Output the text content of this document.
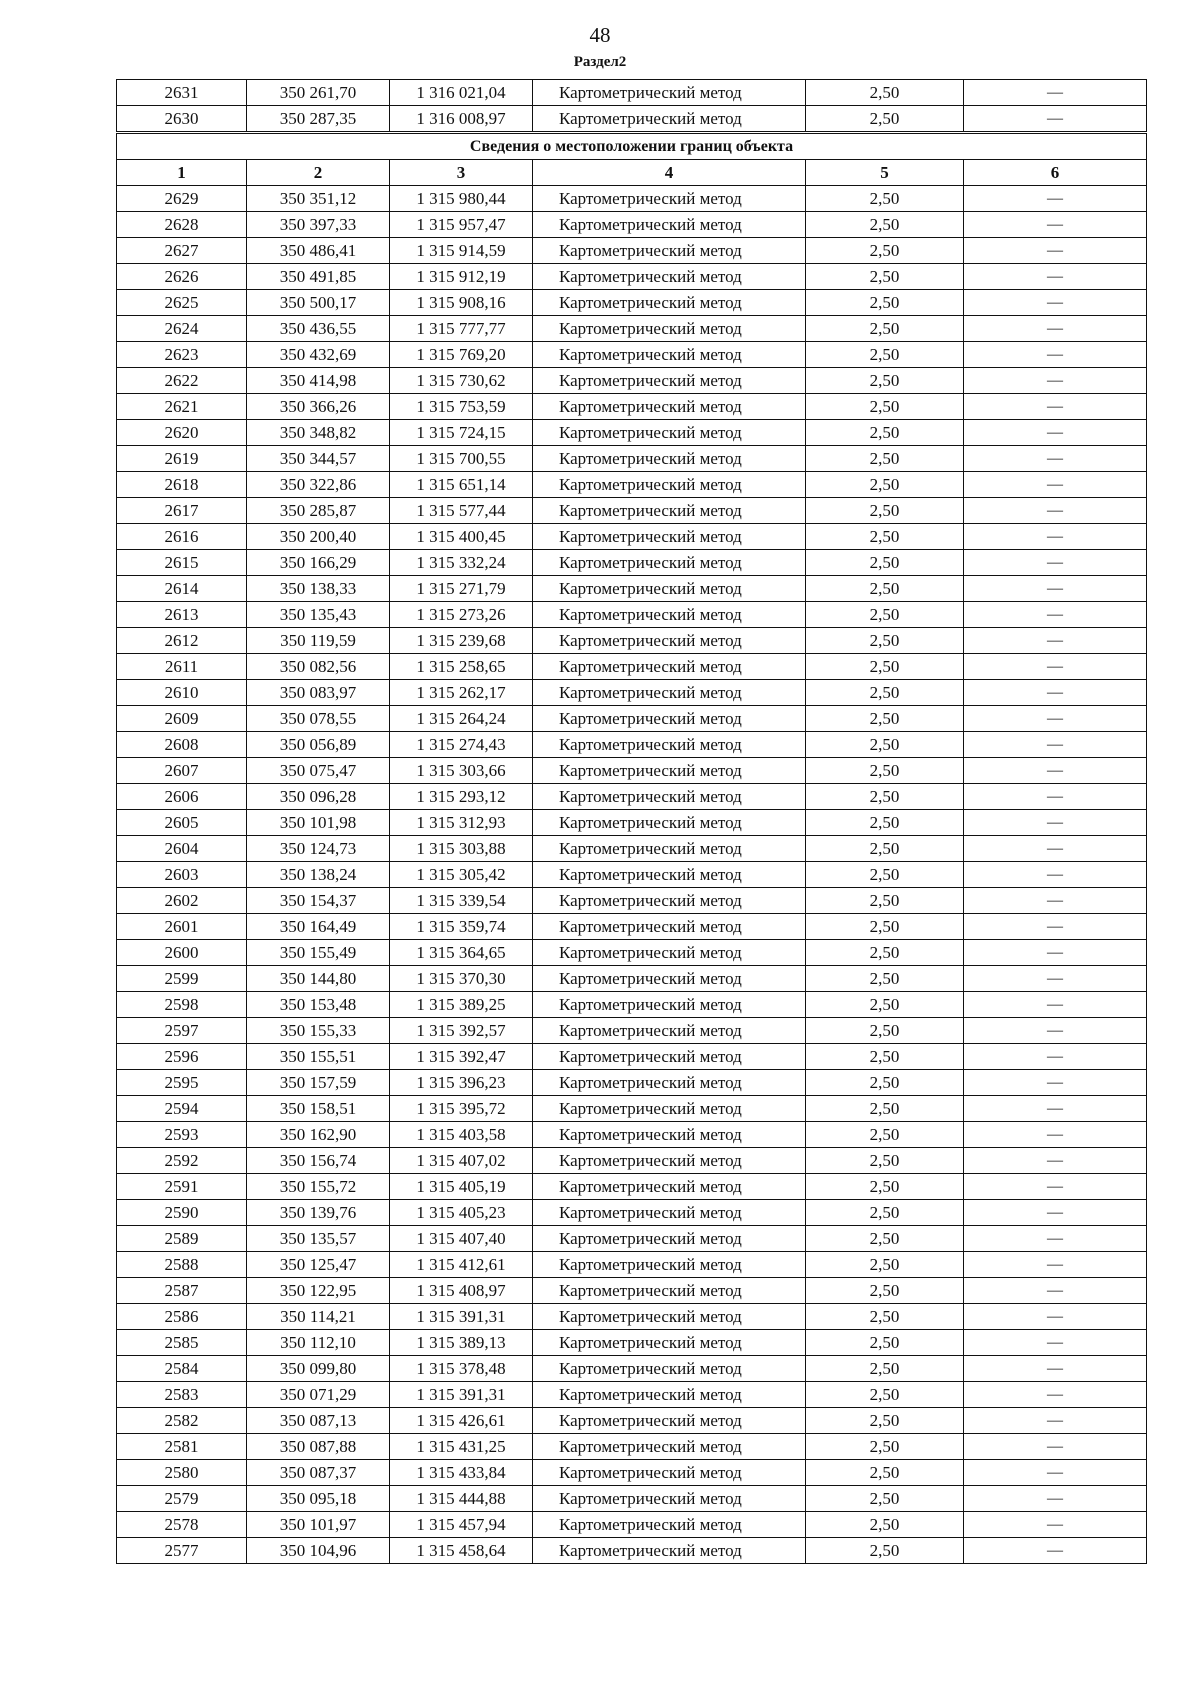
48
Раздел2
2631	350 261,70	1 316 021,04	Картометрический метод	2,50	—
2630	350 287,35	1 316 008,97	Картометрический метод	2,50	—
Сведения о местоположении границ объекта					
1	2	3	4	5	6
2629	350 351,12	1 315 980,44	Картометрический метод	2,50	—
2628	350 397,33	1 315 957,47	Картометрический метод	2,50	—
2627	350 486,41	1 315 914,59	Картометрический метод	2,50	—
2626	350 491,85	1 315 912,19	Картометрический метод	2,50	—
2625	350 500,17	1 315 908,16	Картометрический метод	2,50	—
2624	350 436,55	1 315 777,77	Картометрический метод	2,50	—
2623	350 432,69	1 315 769,20	Картометрический метод	2,50	—
2622	350 414,98	1 315 730,62	Картометрический метод	2,50	—
2621	350 366,26	1 315 753,59	Картометрический метод	2,50	—
2620	350 348,82	1 315 724,15	Картометрический метод	2,50	—
2619	350 344,57	1 315 700,55	Картометрический метод	2,50	—
2618	350 322,86	1 315 651,14	Картометрический метод	2,50	—
2617	350 285,87	1 315 577,44	Картометрический метод	2,50	—
2616	350 200,40	1 315 400,45	Картометрический метод	2,50	—
2615	350 166,29	1 315 332,24	Картометрический метод	2,50	—
2614	350 138,33	1 315 271,79	Картометрический метод	2,50	—
2613	350 135,43	1 315 273,26	Картометрический метод	2,50	—
2612	350 119,59	1 315 239,68	Картометрический метод	2,50	—
2611	350 082,56	1 315 258,65	Картометрический метод	2,50	—
2610	350 083,97	1 315 262,17	Картометрический метод	2,50	—
2609	350 078,55	1 315 264,24	Картометрический метод	2,50	—
2608	350 056,89	1 315 274,43	Картометрический метод	2,50	—
2607	350 075,47	1 315 303,66	Картометрический метод	2,50	—
2606	350 096,28	1 315 293,12	Картометрический метод	2,50	—
2605	350 101,98	1 315 312,93	Картометрический метод	2,50	—
2604	350 124,73	1 315 303,88	Картометрический метод	2,50	—
2603	350 138,24	1 315 305,42	Картометрический метод	2,50	—
2602	350 154,37	1 315 339,54	Картометрический метод	2,50	—
2601	350 164,49	1 315 359,74	Картометрический метод	2,50	—
2600	350 155,49	1 315 364,65	Картометрический метод	2,50	—
2599	350 144,80	1 315 370,30	Картометрический метод	2,50	—
2598	350 153,48	1 315 389,25	Картометрический метод	2,50	—
2597	350 155,33	1 315 392,57	Картометрический метод	2,50	—
2596	350 155,51	1 315 392,47	Картометрический метод	2,50	—
2595	350 157,59	1 315 396,23	Картометрический метод	2,50	—
2594	350 158,51	1 315 395,72	Картометрический метод	2,50	—
2593	350 162,90	1 315 403,58	Картометрический метод	2,50	—
2592	350 156,74	1 315 407,02	Картометрический метод	2,50	—
2591	350 155,72	1 315 405,19	Картометрический метод	2,50	—
2590	350 139,76	1 315 405,23	Картометрический метод	2,50	—
2589	350 135,57	1 315 407,40	Картометрический метод	2,50	—
2588	350 125,47	1 315 412,61	Картометрический метод	2,50	—
2587	350 122,95	1 315 408,97	Картометрический метод	2,50	—
2586	350 114,21	1 315 391,31	Картометрический метод	2,50	—
2585	350 112,10	1 315 389,13	Картометрический метод	2,50	—
2584	350 099,80	1 315 378,48	Картометрический метод	2,50	—
2583	350 071,29	1 315 391,31	Картометрический метод	2,50	—
2582	350 087,13	1 315 426,61	Картометрический метод	2,50	—
2581	350 087,88	1 315 431,25	Картометрический метод	2,50	—
2580	350 087,37	1 315 433,84	Картометрический метод	2,50	—
2579	350 095,18	1 315 444,88	Картометрический метод	2,50	—
2578	350 101,97	1 315 457,94	Картометрический метод	2,50	—
2577	350 104,96	1 315 458,64	Картометрический метод	2,50	—
